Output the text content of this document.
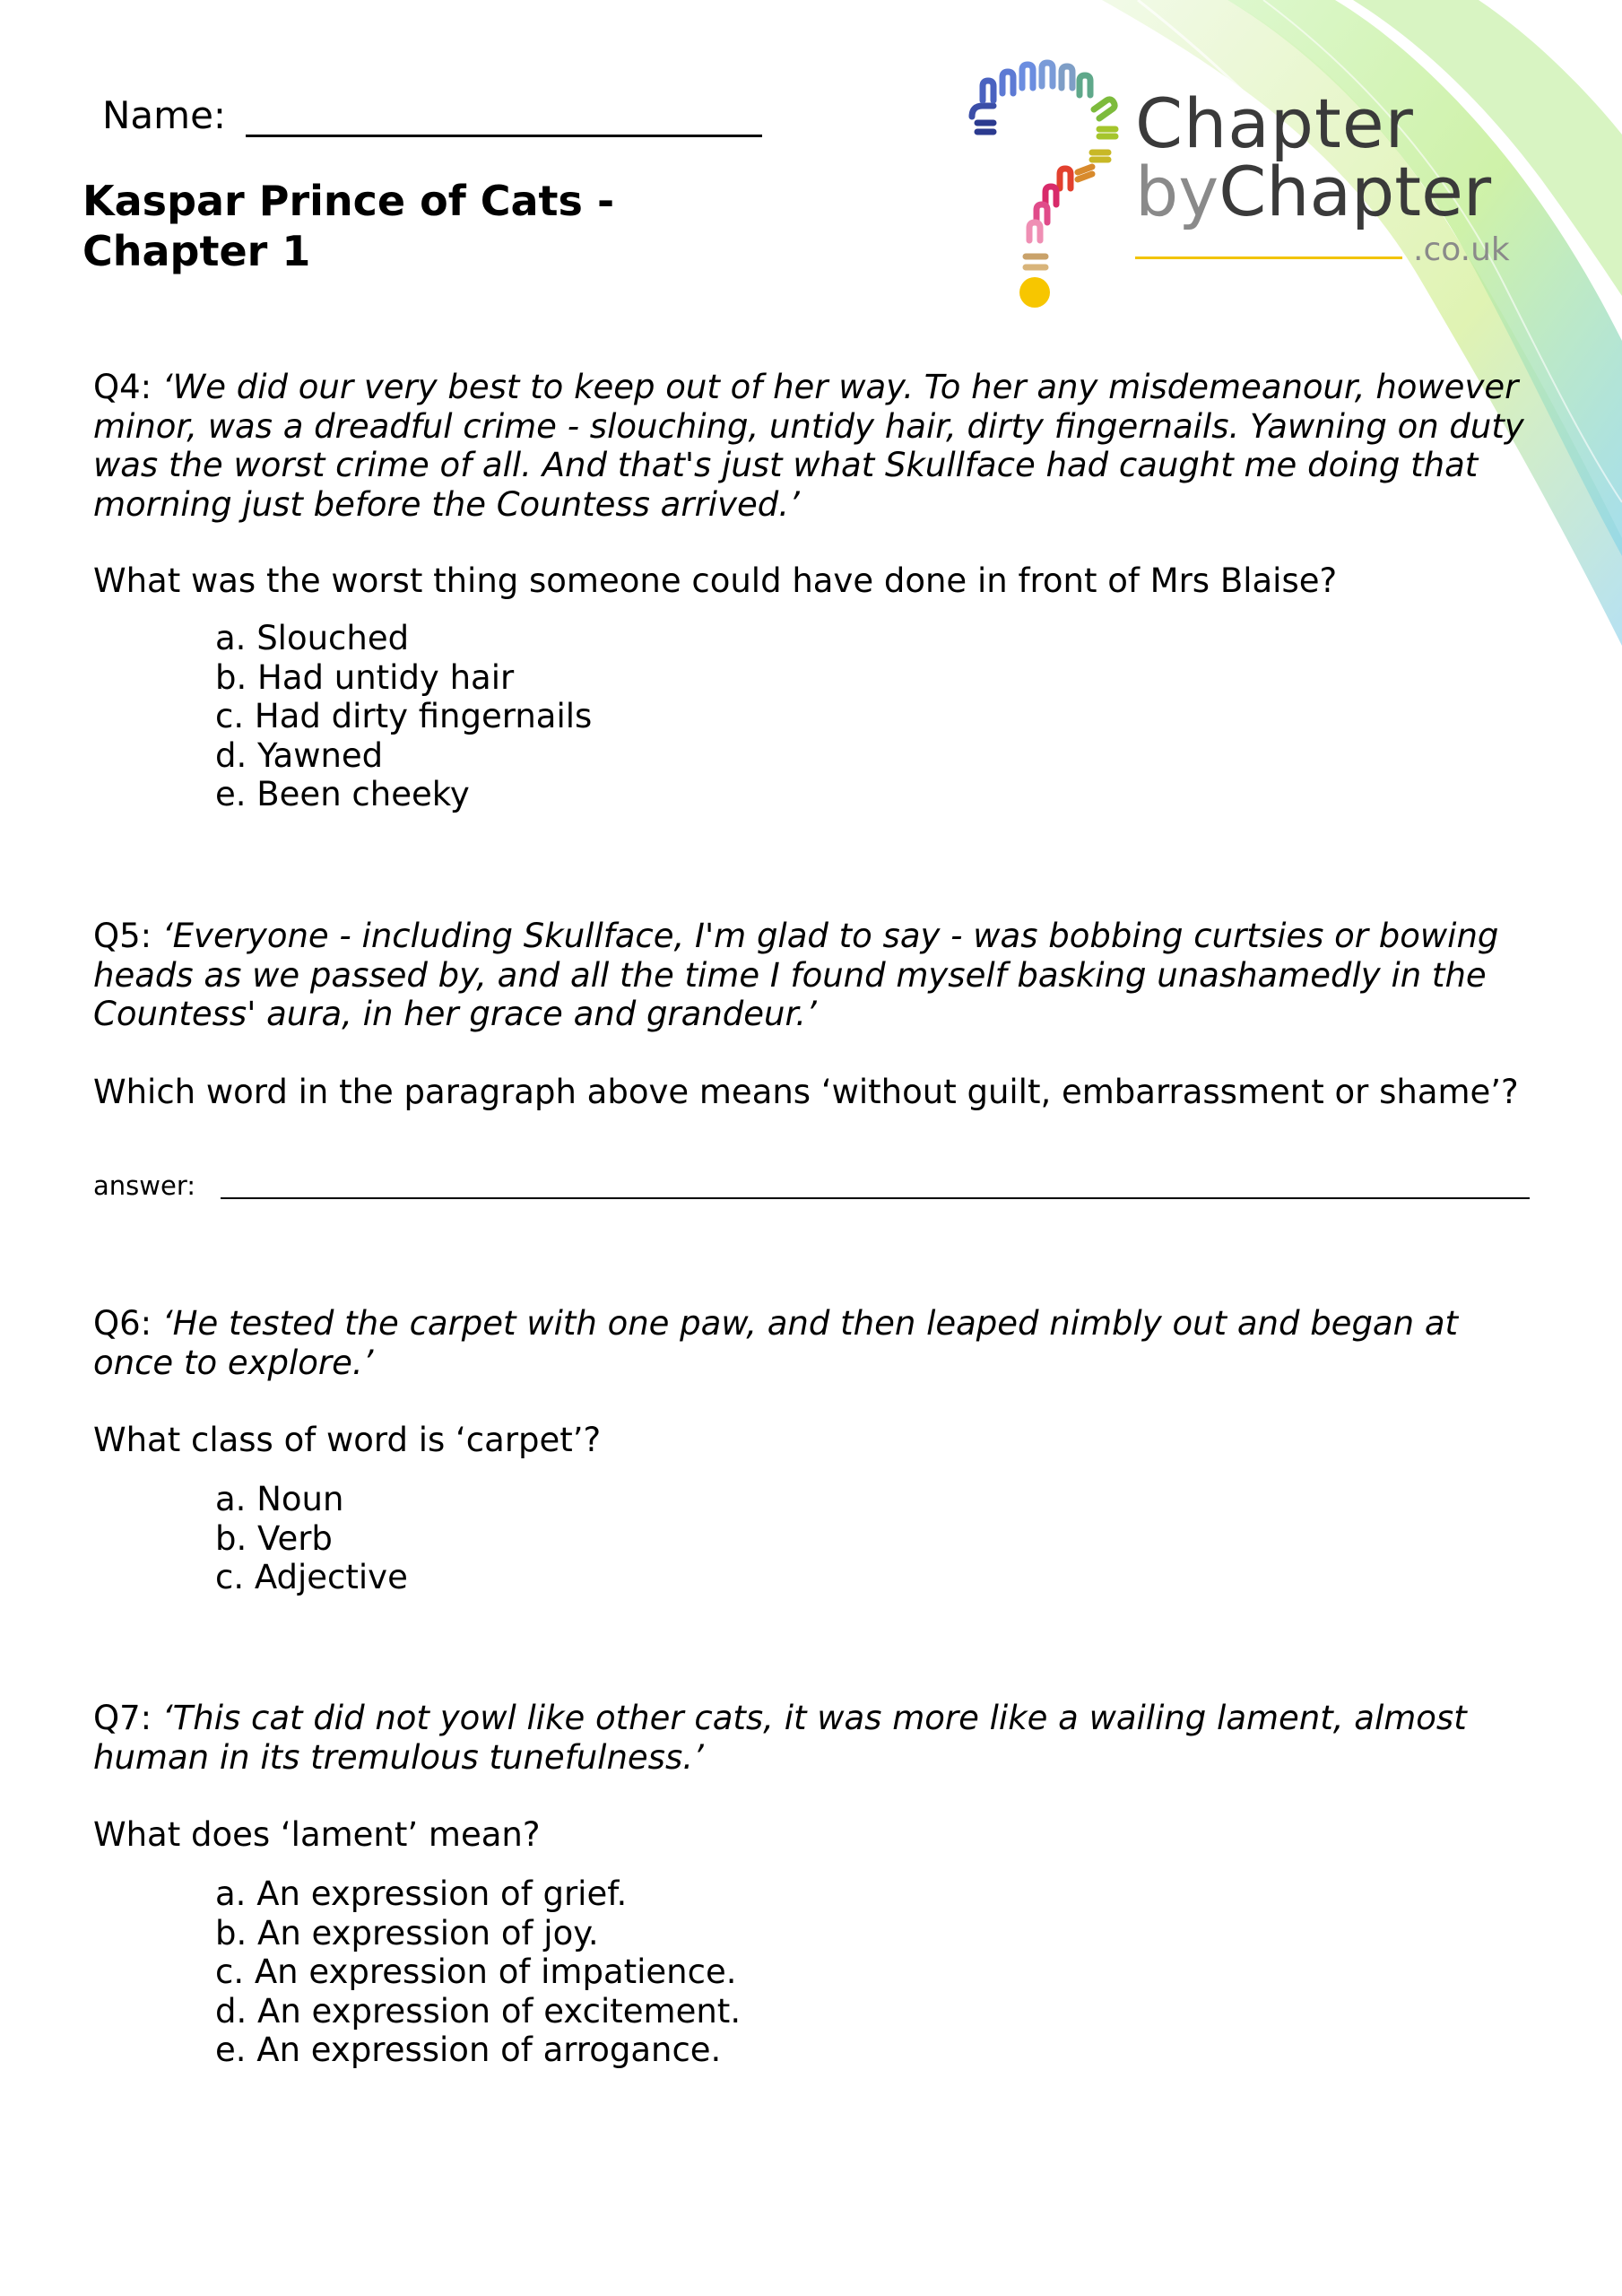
Name:
Kaspar Prince of Cats - Chapter 1
Chapter
byChapter
.co.uk
Q4: ‘We did our very best to keep out of her way. To her any misdemeanour, however minor, was a dreadful crime - slouching, untidy hair, dirty fingernails. Yawning on duty was the worst crime of all. And that's just what Skullface had caught me doing that morning just before the Countess arrived.’
What was the worst thing someone could have done in front of Mrs Blaise?
a. Slouched
b. Had untidy hair
c. Had dirty fingernails
d. Yawned
e. Been cheeky
Q5: ‘Everyone - including Skullface, I'm glad to say - was bobbing curtsies or bowing heads as we passed by, and all the time I found myself basking unashamedly in the Countess' aura, in her grace and grandeur.’
Which word in the paragraph above means ‘without guilt, embarrassment or shame’?
answer:
Q6: ‘He tested the carpet with one paw, and then leaped nimbly out and began at once to explore.’
What class of word is ‘carpet’?
a. Noun
b. Verb
c. Adjective
Q7: ‘This cat did not yowl like other cats, it was more like a wailing lament, almost human in its tremulous tunefulness.’
What does ‘lament’ mean?
a. An expression of grief.
b. An expression of joy.
c. An expression of impatience.
d. An expression of excitement.
e. An expression of arrogance.
